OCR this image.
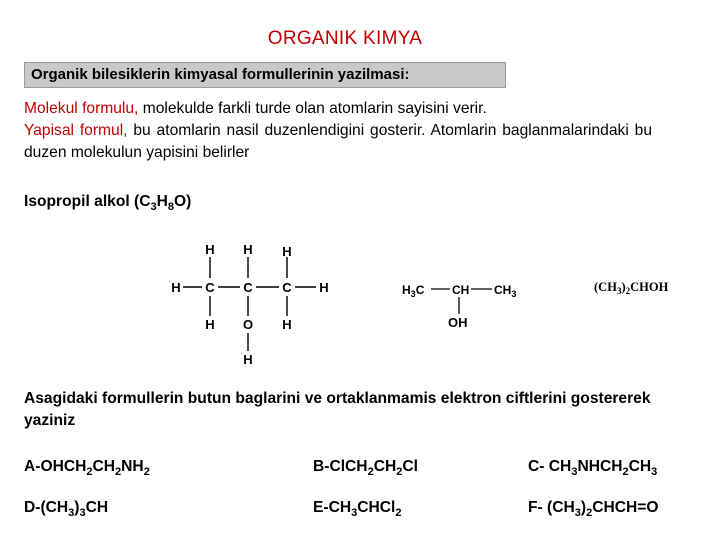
ORGANIK KIMYA
Organik bilesiklerin kimyasal formullerinin yazilmasi:
Molekul formulu, molekulde farkli turde olan atomlarin sayisini verir.
Yapisal formul, bu atomlarin nasil duzenlendigini gosterir. Atomlarin baglanmalarindaki bu duzen molekulun yapisini belirler
Isopropil alkol $(C_3H_8O)$
H H H
H C C C H
H O H
H
$H_3C$ CH $CH_3$
OH
$(CH_3)_2CHOH$
Asagidaki formullerin butun baglarini ve ortaklanmamis elektron ciftlerini gostererek yaziniz
$A-OHCH_2CH_2NH_2$	$B-ClCH_2CH_2Cl$	C- $CH_3NHCH_2CH_3$
$D-(CH_3)_3CH$	$E-CH_3CHCl_2$	F- $(CH_3)_2CHCH=O$
